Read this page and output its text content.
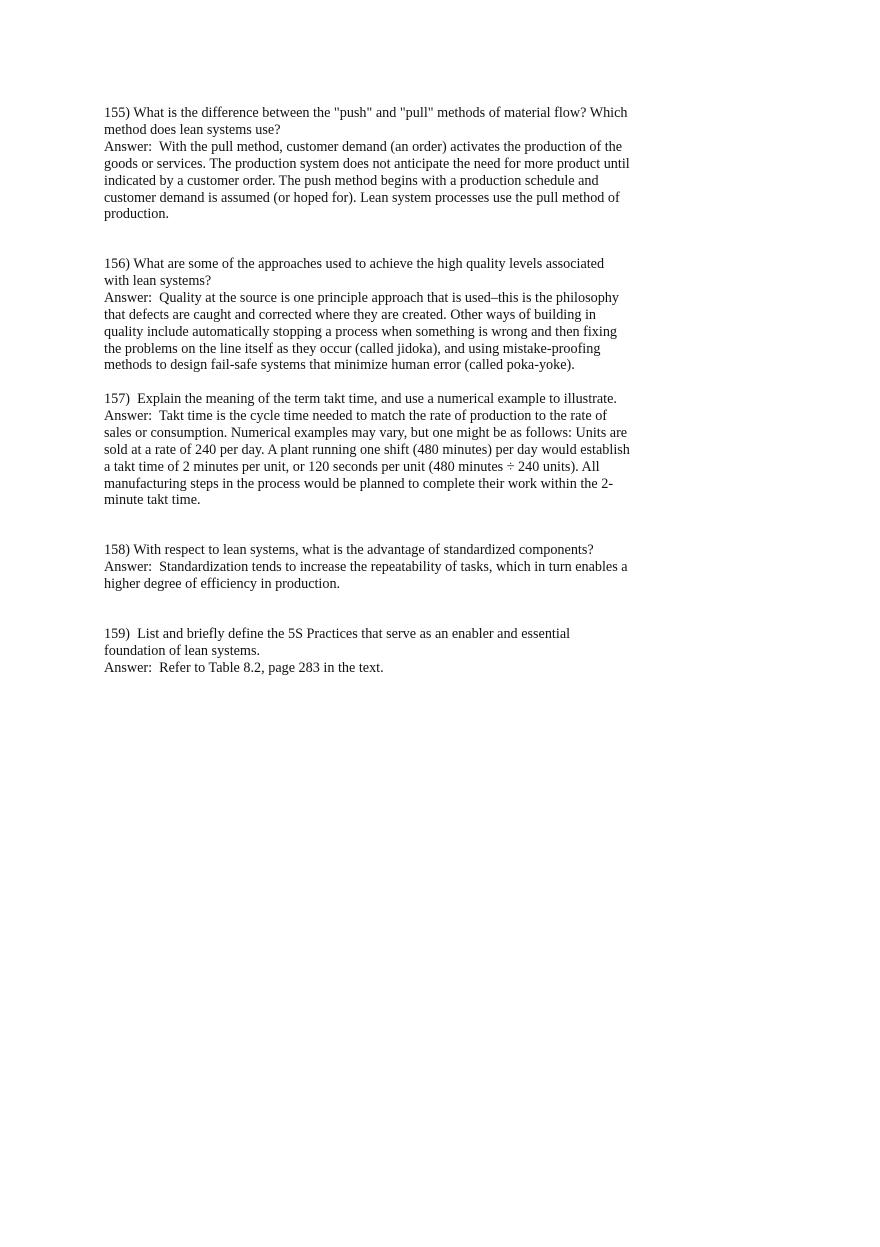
155) What is the difference between the "push" and "pull" methods of material flow? Which
method does lean systems use?
Answer:  With the pull method, customer demand (an order) activates the production of the
goods or services. The production system does not anticipate the need for more product until
indicated by a customer order. The push method begins with a production schedule and
customer demand is assumed (or hoped for). Lean system processes use the pull method of
production.
156) What are some of the approaches used to achieve the high quality levels associated
with lean systems?
Answer:  Quality at the source is one principle approach that is used–this is the philosophy
that defects are caught and corrected where they are created. Other ways of building in
quality include automatically stopping a process when something is wrong and then fixing
the problems on the line itself as they occur (called jidoka), and using mistake-proofing
methods to design fail-safe systems that minimize human error (called poka-yoke).
157)  Explain the meaning of the term takt time, and use a numerical example to illustrate.
Answer:  Takt time is the cycle time needed to match the rate of production to the rate of
sales or consumption. Numerical examples may vary, but one might be as follows: Units are
sold at a rate of 240 per day. A plant running one shift (480 minutes) per day would establish
a takt time of 2 minutes per unit, or 120 seconds per unit (480 minutes ÷ 240 units). All
manufacturing steps in the process would be planned to complete their work within the 2-
minute takt time.
158) With respect to lean systems, what is the advantage of standardized components?
Answer:  Standardization tends to increase the repeatability of tasks, which in turn enables a
higher degree of efficiency in production.
159)  List and briefly define the 5S Practices that serve as an enabler and essential
foundation of lean systems.
Answer:  Refer to Table 8.2, page 283 in the text.
